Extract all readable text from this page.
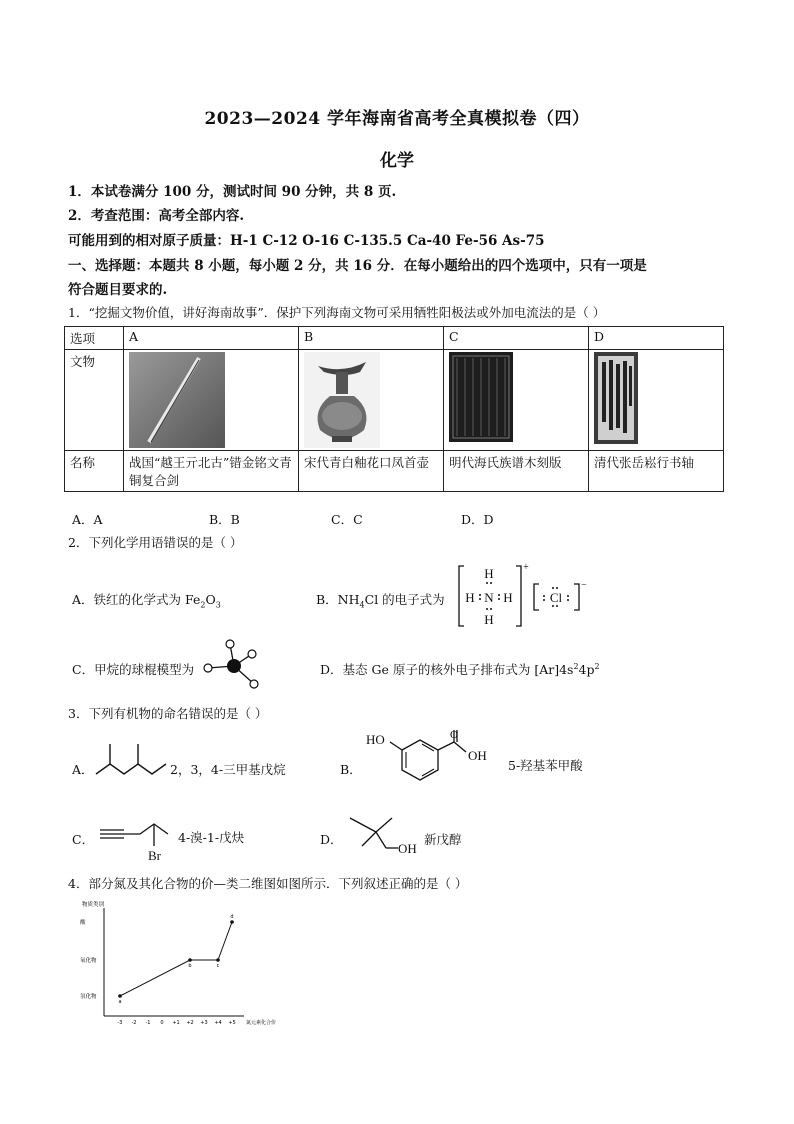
2023—2024 学年海南省高考全真模拟卷（四）
化学
1．本试卷满分 100 分，测试时间 90 分钟，共 8 页.
2．考查范围：高考全部内容.
可能用到的相对原子质量：H-1 C-12 O-16 C-135.5 Ca-40 Fe-56 As-75
一、选择题：本题共 8 小题，每小题 2 分，共 16 分．在每小题给出的四个选项中，只有一项是
符合题目要求的.
1．“挖掘文物价值，讲好海南故事”．保护下列海南文物可采用牺牲阳极法或外加电流法的是（ ）
选项	A	B	C	D
文物	

名称	战国“越王亓北古”错金铭文青铜复合剑	宋代青白釉花口凤首壶	明代海氏族谱木刻版	清代张岳崧行书轴
A．A	B．B	C．C	D．D
2．下列化学用语错误的是（ ）
A．铁红的化学式为 $Fe_2O_3$	B．$NH_4Cl$ 的电子式为
H
H N H
H
Cl
+
−
C．甲烷的球棍模型为	D．基态 Ge 原子的核外电子排布式为 $[Ar]4s^24p^2$
3．下列有机物的命名错误的是（ ）
A．	2，3，4-三甲基戊烷	B．
HO	O
OH
5-羟基苯甲酸
C．
Br
4-溴-1-戊炔	D．
OH
新戊醇
4．部分氮及其化合物的价—类二维图如图所示．下列叙述正确的是（ ）
物质类别
氮元素化合价
氢化物
氧化物
酸
-3 -2 -1 0 +1 +2 +3 +4 +5
a
b	c
d
